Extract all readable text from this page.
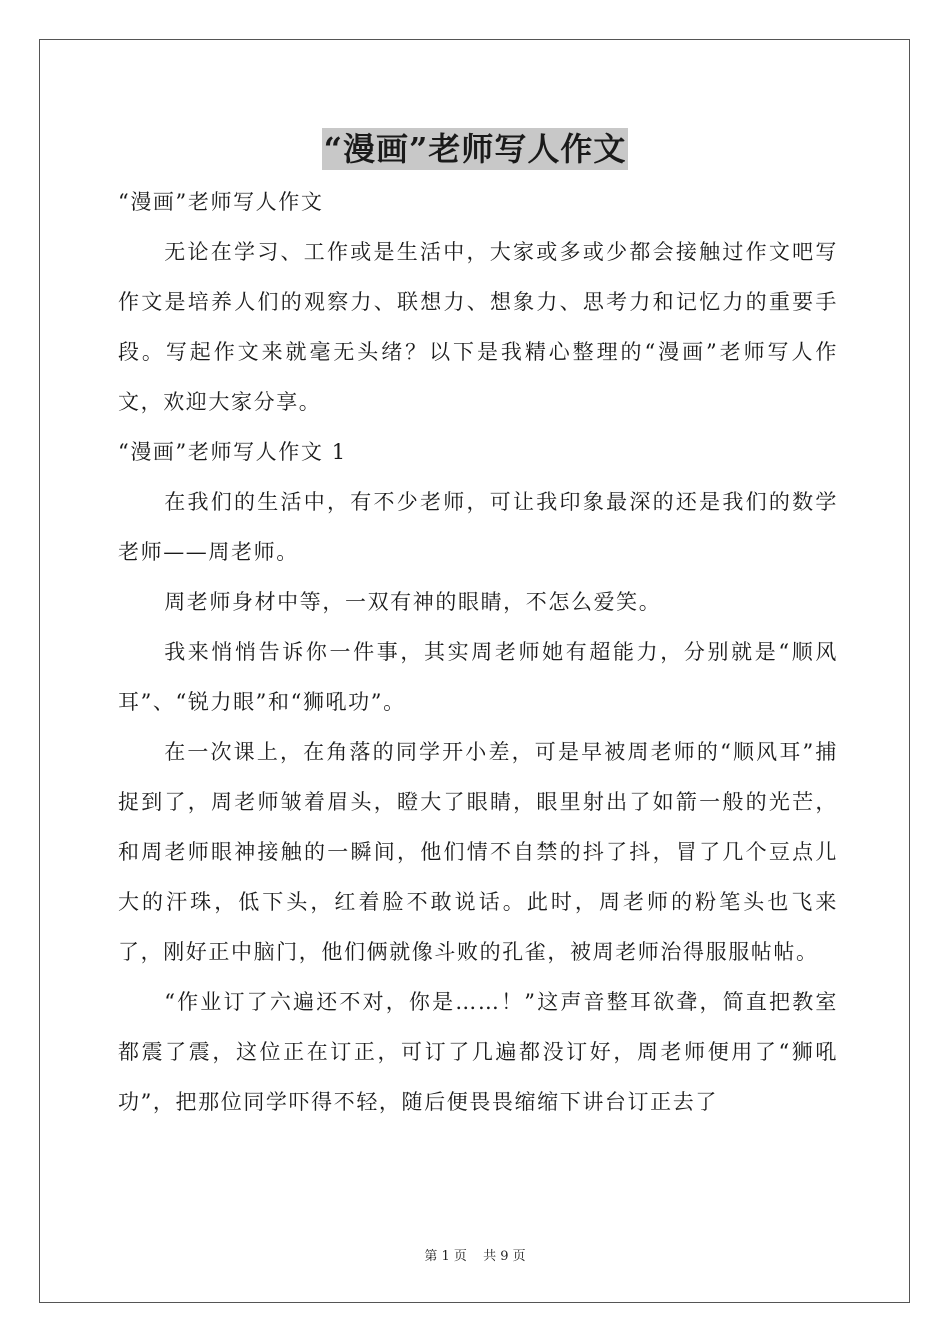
“漫画”老师写人作文

“漫画”老师写人作文

无论在学习、工作或是生活中，大家或多或少都会接触过作文吧写作文是培养人们的观察力、联想力、想象力、思考力和记忆力的重要手段。写起作文来就毫无头绪？以下是我精心整理的“漫画”老师写人作文，欢迎大家分享。

“漫画”老师写人作文 1

在我们的生活中，有不少老师，可让我印象最深的还是我们的数学老师——周老师。

周老师身材中等，一双有神的眼睛，不怎么爱笑。

我来悄悄告诉你一件事，其实周老师她有超能力，分别就是“顺风耳”、“锐力眼”和“狮吼功”。

在一次课上，在角落的同学开小差，可是早被周老师的“顺风耳”捕捉到了，周老师皱着眉头，瞪大了眼睛，眼里射出了如箭一般的光芒，和周老师眼神接触的一瞬间，他们情不自禁的抖了抖，冒了几个豆点儿大的汗珠，低下头，红着脸不敢说话。此时，周老师的粉笔头也飞来了，刚好正中脑门，他们俩就像斗败的孔雀，被周老师治得服服帖帖。

“作业订了六遍还不对，你是……！”这声音整耳欲聋，简直把教室都震了震，这位正在订正，可订了几遍都没订好，周老师便用了“狮吼功”，把那位同学吓得不轻，随后便畏畏缩缩下讲台订正去了

第 1 页 共 9 页
